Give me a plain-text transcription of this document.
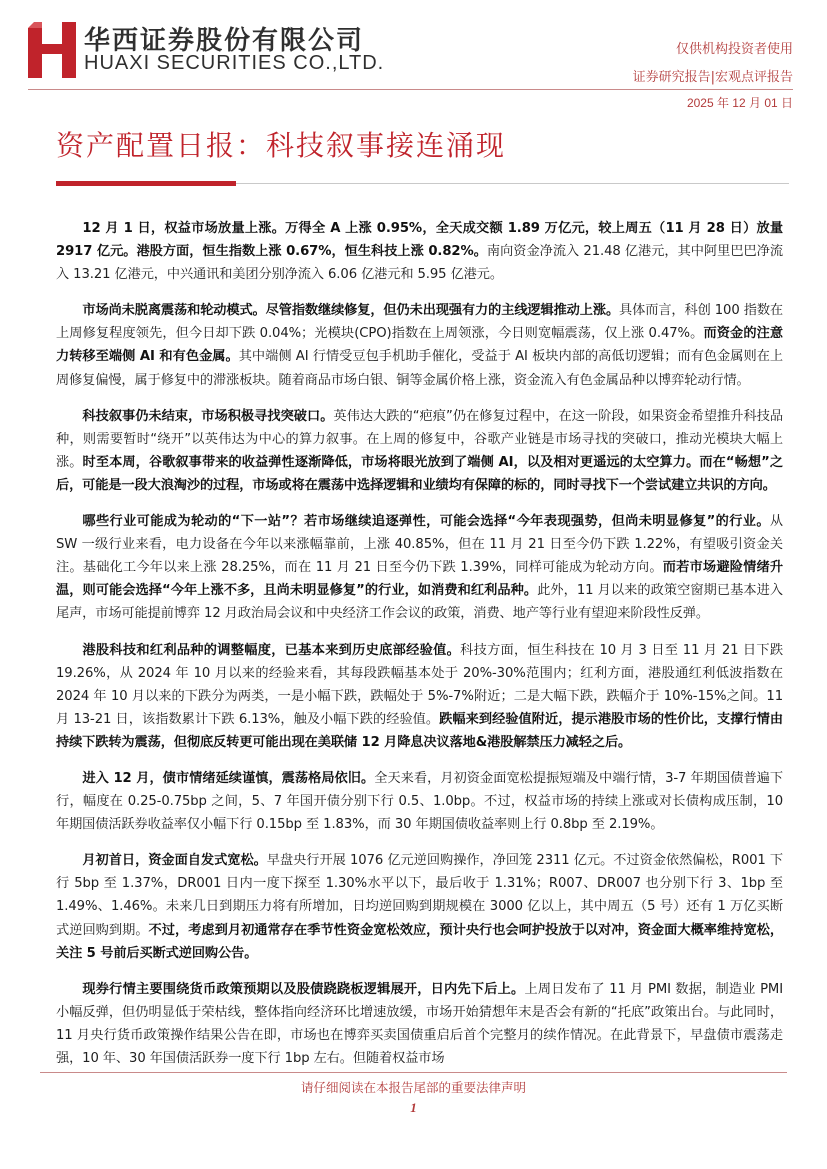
华西证券股份有限公司
HUAXI SECURITIES CO.,LTD.
仅供机构投资者使用
证券研究报告|宏观点评报告
2025 年 12 月 01 日
资产配置日报：科技叙事接连涌现

12 月 1 日，权益市场放量上涨。万得全 A 上涨 0.95%，全天成交额 1.89 万亿元，较上周五（11 月 28 日）放量 2917 亿元。港股方面，恒生指数上涨 0.67%，恒生科技上涨 0.82%。南向资金净流入 21.48 亿港元，其中阿里巴巴净流入 13.21 亿港元，中兴通讯和美团分别净流入 6.06 亿港元和 5.95 亿港元。

市场尚未脱离震荡和轮动模式。尽管指数继续修复，但仍未出现强有力的主线逻辑推动上涨。具体而言，科创 100 指数在上周修复程度领先，但今日却下跌 0.04%；光模块(CPO)指数在上周领涨，今日则宽幅震荡，仅上涨 0.47%。而资金的注意力转移至端侧 AI 和有色金属。其中端侧 AI 行情受豆包手机助手催化，受益于 AI 板块内部的高低切逻辑；而有色金属则在上周修复偏慢，属于修复中的滞涨板块。随着商品市场白银、铜等金属价格上涨，资金流入有色金属品种以博弈轮动行情。

科技叙事仍未结束，市场积极寻找突破口。英伟达大跌的“疤痕”仍在修复过程中，在这一阶段，如果资金希望推升科技品种，则需要暂时“绕开”以英伟达为中心的算力叙事。在上周的修复中，谷歌产业链是市场寻找的突破口，推动光模块大幅上涨。时至本周，谷歌叙事带来的收益弹性逐渐降低，市场将眼光放到了端侧 AI，以及相对更遥远的太空算力。而在“畅想”之后，可能是一段大浪淘沙的过程，市场或将在震荡中选择逻辑和业绩均有保障的标的，同时寻找下一个尝试建立共识的方向。

哪些行业可能成为轮动的“下一站”？若市场继续追逐弹性，可能会选择“今年表现强势，但尚未明显修复”的行业。从 SW 一级行业来看，电力设备在今年以来涨幅靠前，上涨 40.85%，但在 11 月 21 日至今仍下跌 1.22%，有望吸引资金关注。基础化工今年以来上涨 28.25%，而在 11 月 21 日至今仍下跌 1.39%，同样可能成为轮动方向。而若市场避险情绪升温，则可能会选择“今年上涨不多，且尚未明显修复”的行业，如消费和红利品种。此外，11 月以来的政策空窗期已基本进入尾声，市场可能提前博弈 12 月政治局会议和中央经济工作会议的政策，消费、地产等行业有望迎来阶段性反弹。

港股科技和红利品种的调整幅度，已基本来到历史底部经验值。科技方面，恒生科技在 10 月 3 日至 11 月 21 日下跌 19.26%，从 2024 年 10 月以来的经验来看，其每段跌幅基本处于 20%-30%范围内；红利方面，港股通红利低波指数在 2024 年 10 月以来的下跌分为两类，一是小幅下跌，跌幅处于 5%-7%附近；二是大幅下跌，跌幅介于 10%-15%之间。11 月 13-21 日，该指数累计下跌 6.13%，触及小幅下跌的经验值。跌幅来到经验值附近，提示港股市场的性价比，支撑行情由持续下跌转为震荡，但彻底反转更可能出现在美联储 12 月降息决议落地&港股解禁压力减轻之后。

进入 12 月，债市情绪延续谨慎，震荡格局依旧。全天来看，月初资金面宽松提振短端及中端行情，3-7 年期国债普遍下行，幅度在 0.25-0.75bp 之间，5、7 年国开债分别下行 0.5、1.0bp。不过，权益市场的持续上涨或对长债构成压制，10 年期国债活跃券收益率仅小幅下行 0.15bp 至 1.83%，而 30 年期国债收益率则上行 0.8bp 至 2.19%。

月初首日，资金面自发式宽松。早盘央行开展 1076 亿元逆回购操作，净回笼 2311 亿元。不过资金依然偏松，R001 下行 5bp 至 1.37%，DR001 日内一度下探至 1.30%水平以下，最后收于 1.31%；R007、DR007 也分别下行 3、1bp 至 1.49%、1.46%。未来几日到期压力将有所增加，日均逆回购到期规模在 3000 亿以上，其中周五（5 号）还有 1 万亿买断式逆回购到期。不过，考虑到月初通常存在季节性资金宽松效应，预计央行也会呵护投放于以对冲，资金面大概率维持宽松，关注 5 号前后买断式逆回购公告。

现券行情主要围绕货币政策预期以及股债跷跷板逻辑展开，日内先下后上。上周日发布了 11 月 PMI 数据，制造业 PMI 小幅反弹，但仍明显低于荣枯线，整体指向经济环比增速放缓，市场开始猜想年末是否会有新的“托底”政策出台。与此同时，11 月央行货币政策操作结果公告在即，市场也在博弈买卖国债重启后首个完整月的续作情况。在此背景下，早盘债市震荡走强，10 年、30 年国债活跃券一度下行 1bp 左右。但随着权益市场

请仔细阅读在本报告尾部的重要法律声明
1
